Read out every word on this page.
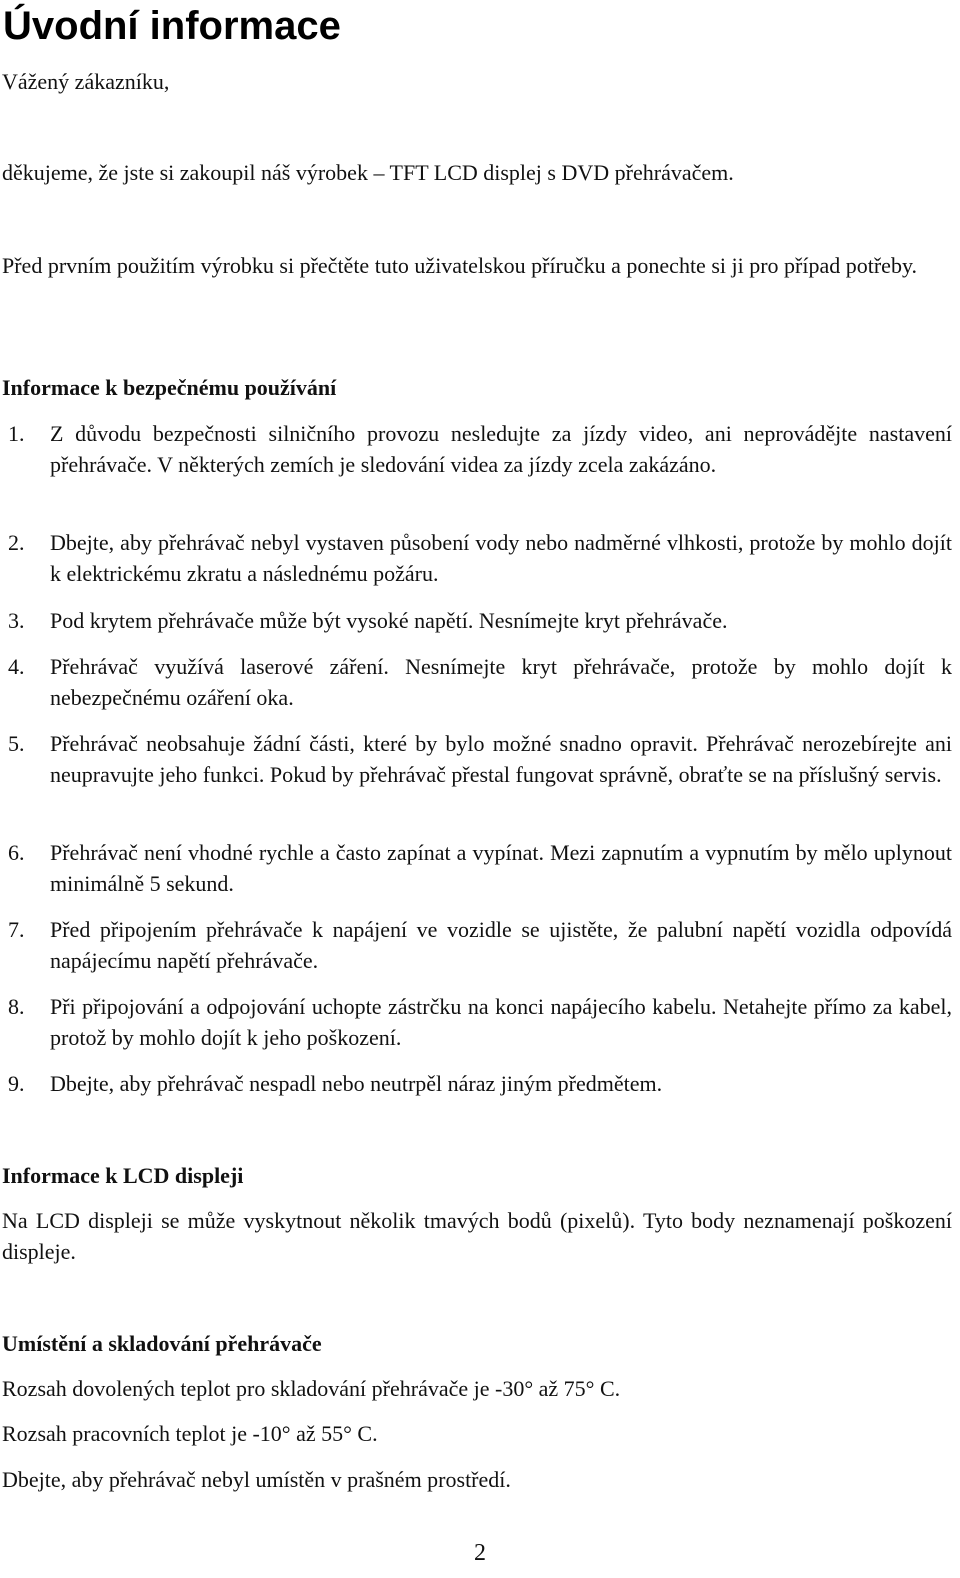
Úvodní informace

Vážený zákazníku,

děkujeme, že jste si zakoupil náš výrobek – TFT LCD displej s DVD přehrávačem.

Před prvním použitím výrobku si přečtěte tuto uživatelskou příručku a ponechte si ji pro případ potřeby.

Informace k bezpečnému používání
1. Z důvodu bezpečnosti silničního provozu nesledujte za jízdy video, ani neprovádějte nastavení přehrávače. V některých zemích je sledování videa za jízdy zcela zakázáno.
2. Dbejte, aby přehrávač nebyl vystaven působení vody nebo nadměrné vlhkosti, protože by mohlo dojít k elektrickému zkratu a následnému požáru.
3. Pod krytem přehrávače může být vysoké napětí. Nesnímejte kryt přehrávače.
4. Přehrávač využívá laserové záření. Nesnímejte kryt přehrávače, protože by mohlo dojít k nebezpečnému ozáření oka.
5. Přehrávač neobsahuje žádní části, které by bylo možné snadno opravit. Přehrávač nerozebírejte ani neupravujte jeho funkci. Pokud by přehrávač přestal fungovat správně, obraťte se na příslušný servis.
6. Přehrávač není vhodné rychle a často zapínat a vypínat. Mezi zapnutím a vypnutím by mělo uplynout minimálně 5 sekund.
7. Před připojením přehrávače k napájení ve vozidle se ujistěte, že palubní napětí vozidla odpovídá napájecímu napětí přehrávače.
8. Při připojování a odpojování uchopte zástrčku na konci napájecího kabelu. Netahejte přímo za kabel, protož by mohlo dojít k jeho poškození.
9. Dbejte, aby přehrávač nespadl nebo neutrpěl náraz jiným předmětem.
Informace k LCD displeji

Na LCD displeji se může vyskytnout několik tmavých bodů (pixelů). Tyto body neznamenají poškození displeje.

Umístění a skladování přehrávače

Rozsah dovolených teplot pro skladování přehrávače je -30° až 75° C.

Rozsah pracovních teplot je -10° až 55° C.

Dbejte, aby přehrávač nebyl umístěn v prašném prostředí.

2
